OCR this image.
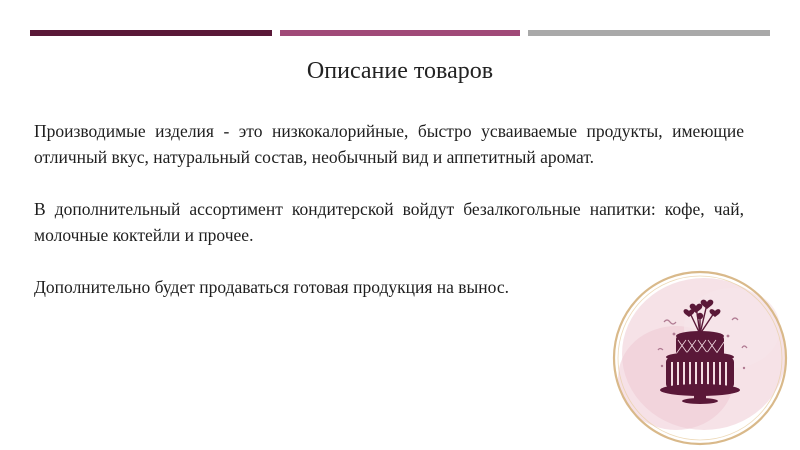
Описание товаров

Производимые изделия - это низкокалорийные, быстро усваиваемые продукты, имеющие отличный вкус, натуральный состав, необычный вид и аппетитный аромат.

В дополнительный ассортимент кондитерской войдут безалкогольные напитки: кофе, чай, молочные коктейли и прочее.

Дополнительно будет продаваться готовая продукция на вынос.
